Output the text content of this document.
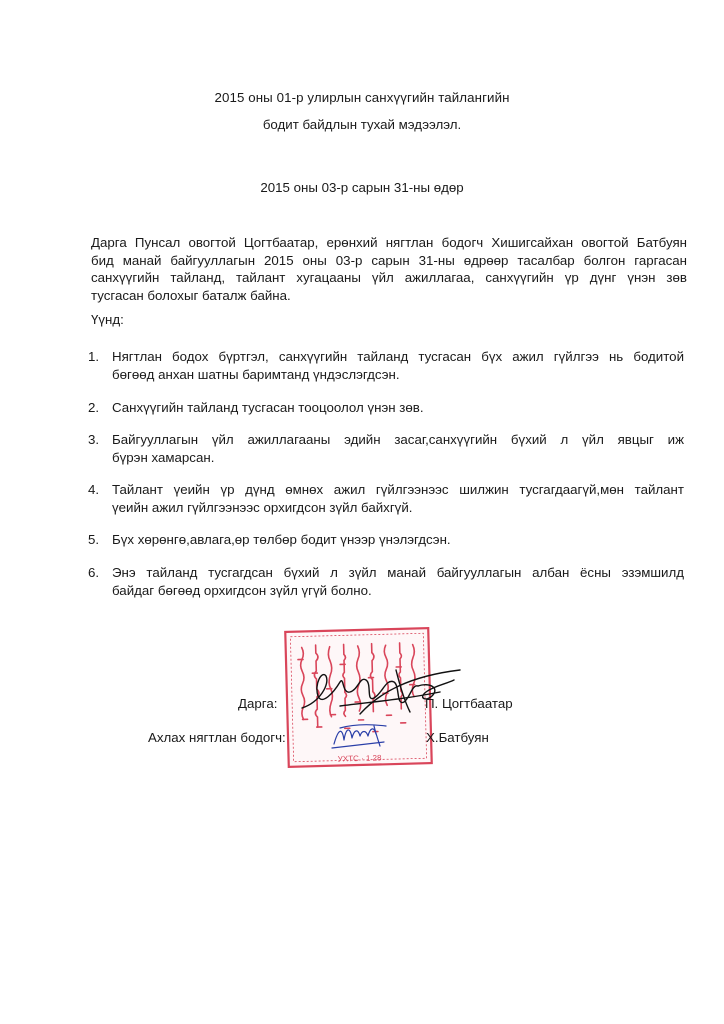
2015 оны 01-р улирлын санхүүгийн тайлангийн
бодит байдлын тухай мэдээлэл.
2015 оны 03-р сарын 31-ны өдөр
Дарга Пунсал овогтой Цогтбаатар, ерөнхий нягтлан бодогч Хишигсайхан овогтой Батбуян
бид манай байгууллагын 2015 оны 03-р сарын 31-ны өдрөөр тасалбар болгон гаргасан
санхүүгийн тайланд, тайлант хугацааны үйл ажиллагаа, санхүүгийн үр дүнг үнэн зөв
тусгасан болохыг баталж байна.
Үүнд:
1. Нягтлан бодох бүртгэл, санхүүгийн тайланд тусгасан бүх ажил гүйлгээ нь бодитой
бөгөөд анхан шатны баримтанд үндэслэгдсэн.
2. Санхүүгийн тайланд тусгасан тооцоолол үнэн зөв.
3. Байгууллагын үйл ажиллагааны эдийн засаг,санхүүгийн бүхий л үйл явцыг иж
бүрэн хамарсан.
4. Тайлант үеийн үр дүнд өмнөх ажил гүйлгээнээс шилжин тусгагдаагүй,мөн тайлант
үеийн ажил гүйлгээнээс орхигдсон зүйл байхгүй.
5. Бүх хөрөнгө,авлага,өр төлбөр бодит үнээр үнэлэгдсэн.
6. Энэ тайланд тусгагдсан бүхий л зүйл манай байгууллагын албан ёсны эзэмшилд
байдаг бөгөөд орхигдсон зүйл үгүй болно.
УХТС · 1 28
Дарга:	П. Цогтбаатар
Ахлах нягтлан бодогч:	Х.Батбуян
